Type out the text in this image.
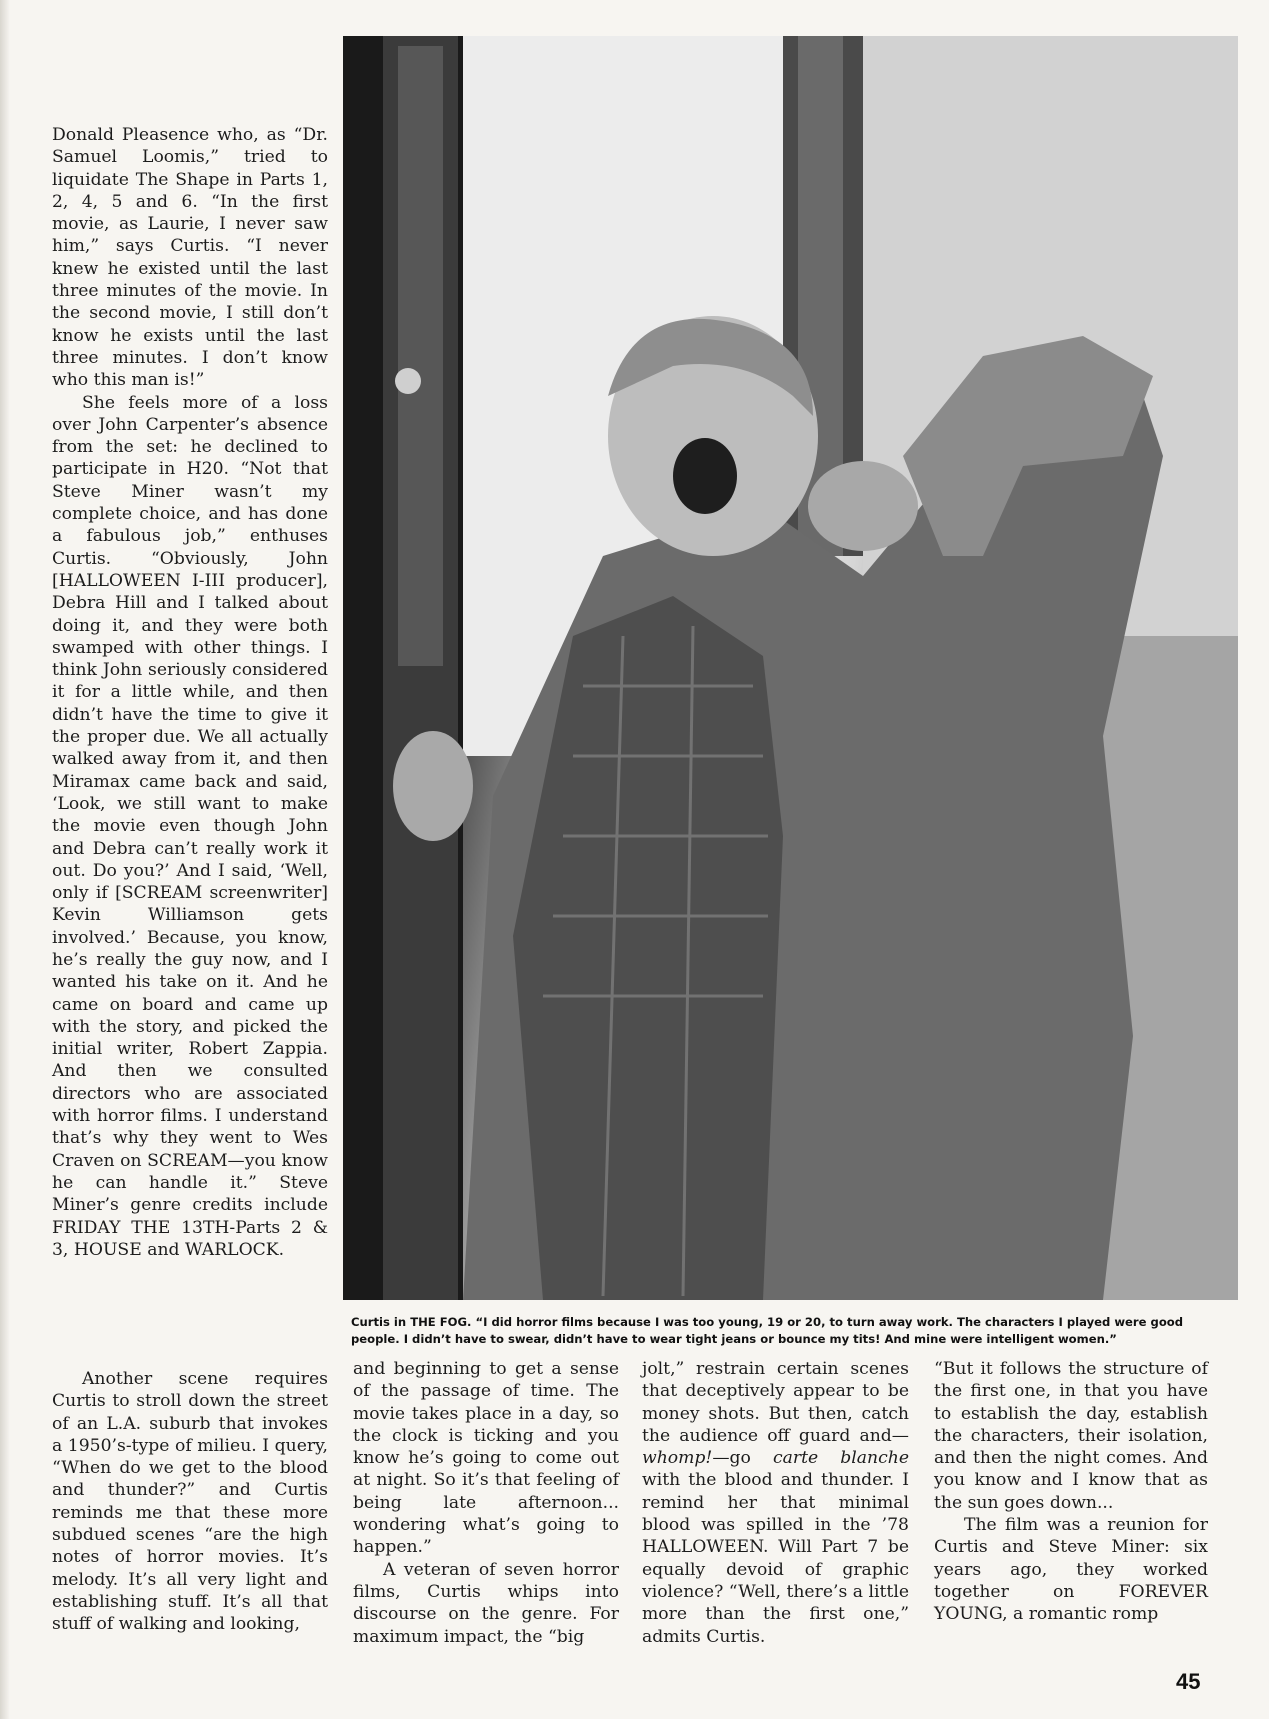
Donald Pleasence who, as “Dr. Samuel Loomis,” tried to liquidate The Shape in Parts 1, 2, 4, 5 and 6. “In the first movie, as Laurie, I never saw him,” says Curtis. “I never knew he existed until the last three minutes of the movie. In the second movie, I still don’t know he exists until the last three minutes. I don’t know who this man is!”

She feels more of a loss over John Carpenter’s absence from the set: he declined to participate in H20. “Not that Steve Miner wasn’t my complete choice, and has done a fabulous job,” enthuses Curtis. “Obviously, John [HALLOWEEN I-III producer], Debra Hill and I talked about doing it, and they were both swamped with other things. I think John seriously considered it for a little while, and then didn’t have the time to give it the proper due. We all actually walked away from it, and then Miramax came back and said, ‘Look, we still want to make the movie even though John and Debra can’t really work it out. Do you?’ And I said, ‘Well, only if [SCREAM screenwriter] Kevin Williamson gets involved.’ Because, you know, he’s really the guy now, and I wanted his take on it. And he came on board and came up with the story, and picked the initial writer, Robert Zappia. And then we consulted directors who are associated with horror films. I understand that’s why they went to Wes Craven on SCREAM—you know he can handle it.” Steve Miner’s genre credits include FRIDAY THE 13TH-Parts 2 & 3, HOUSE and WARLOCK.

Curtis in THE FOG. “I did horror films because I was too young, 19 or 20, to turn away work. The characters I played were good people. I didn’t have to swear, didn’t have to wear tight jeans or bounce my tits! And mine were intelligent women.”

Another scene requires Curtis to stroll down the street of an L.A. suburb that invokes a 1950’s-type of milieu. I query, “When do we get to the blood and thunder?” and Curtis reminds me that these more subdued scenes “are the high notes of horror movies. It’s melody. It’s all very light and establishing stuff. It’s all that stuff of walking and looking,

and beginning to get a sense of the passage of time. The movie takes place in a day, so the clock is ticking and you know he’s going to come out at night. So it’s that feeling of being late afternoon... wondering what’s going to happen.”

A veteran of seven horror films, Curtis whips into discourse on the genre. For maximum impact, the “big

jolt,” restrain certain scenes that deceptively appear to be money shots. But then, catch the audience off guard and—whomp!—go carte blanche with the blood and thunder. I remind her that minimal blood was spilled in the ’78 HALLOWEEN. Will Part 7 be equally devoid of graphic violence? “Well, there’s a little more than the first one,” admits Curtis.

“But it follows the structure of the first one, in that you have to establish the day, establish the characters, their isolation, and then the night comes. And you know and I know that as the sun goes down...

The film was a reunion for Curtis and Steve Miner: six years ago, they worked together on FOREVER YOUNG, a romantic romp

45
